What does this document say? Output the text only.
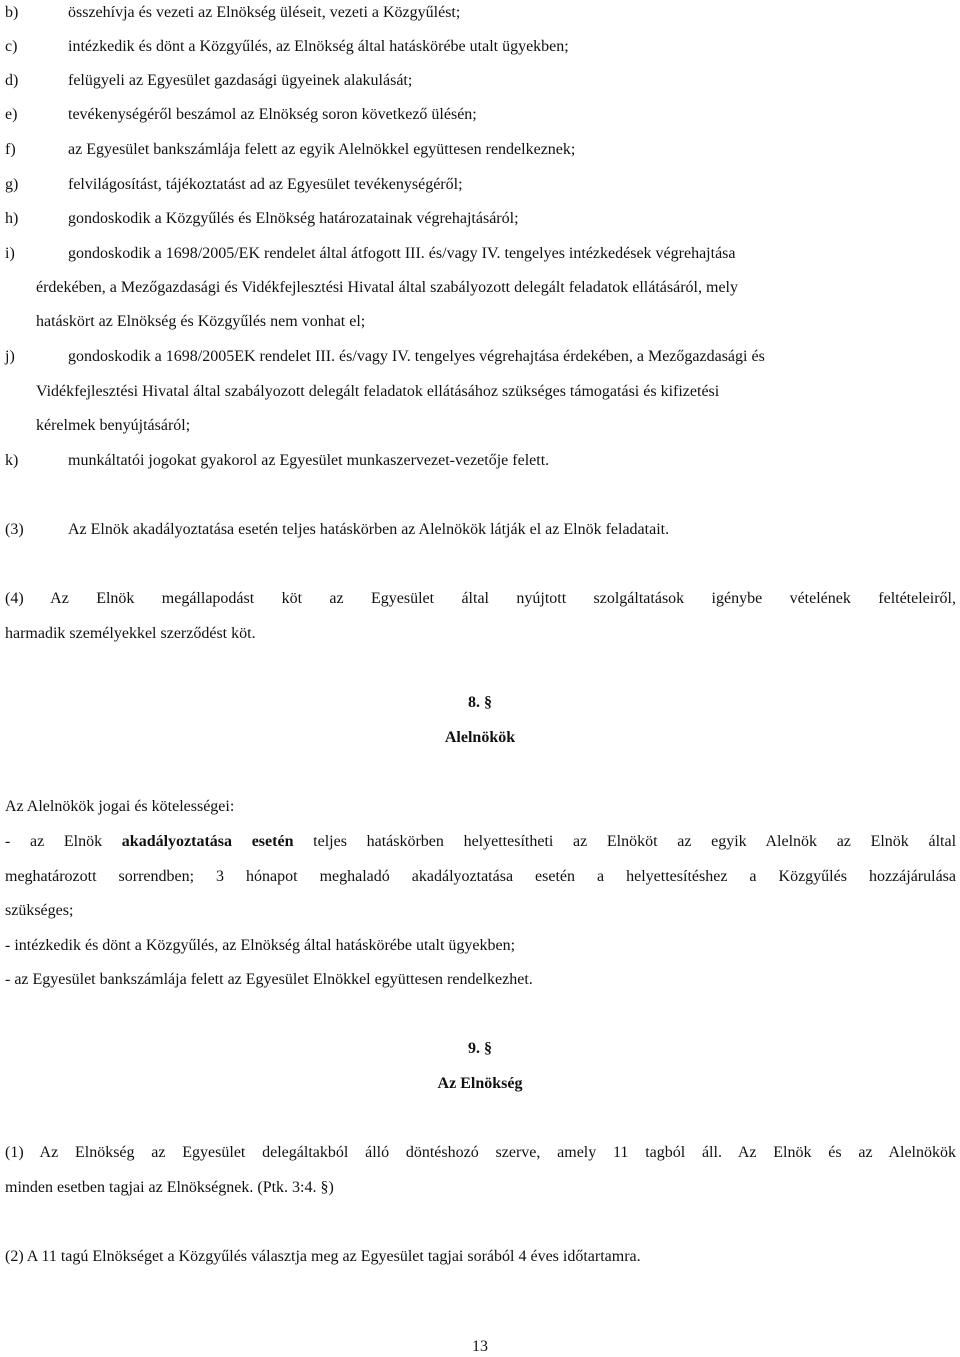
b)	összehívja és vezeti az Elnökség üléseit, vezeti a Közgyűlést;
c)	intézkedik és dönt a Közgyűlés, az Elnökség által hatáskörébe utalt ügyekben;
d)	felügyeli az Egyesület gazdasági ügyeinek alakulását;
e)	tevékenységéről beszámol az Elnökség soron következő ülésén;
f)	az Egyesület bankszámlája felett az egyik Alelnökkel együttesen rendelkeznek;
g)	felvilágosítást, tájékoztatást ad az Egyesület tevékenységéről;
h)	gondoskodik a Közgyűlés és Elnökség határozatainak végrehajtásáról;
i)	gondoskodik a 1698/2005/EK rendelet által átfogott III. és/vagy IV. tengelyes intézkedések végrehajtása
érdekében, a Mezőgazdasági és Vidékfejlesztési Hivatal által szabályozott delegált feladatok ellátásáról, mely
hatáskört az Elnökség és Közgyűlés nem vonhat el;
j)	gondoskodik a 1698/2005EK rendelet III. és/vagy IV. tengelyes végrehajtása érdekében, a Mezőgazdasági és
Vidékfejlesztési Hivatal által szabályozott delegált feladatok ellátásához szükséges támogatási és kifizetési
kérelmek benyújtásáról;
k)	munkáltatói jogokat gyakorol az Egyesület munkaszervezet-vezetője felett.
(3)	Az Elnök akadályoztatása esetén teljes hatáskörben az Alelnökök látják el az Elnök feladatait.
(4) Az Elnök megállapodást köt az Egyesület által nyújtott szolgáltatások igénybe vételének feltételeiről,
harmadik személyekkel szerződést köt.
8. §
Alelnökök
Az Alelnökök jogai és kötelességei:
- az Elnök akadályoztatása esetén teljes hatáskörben helyettesítheti az Elnököt az egyik Alelnök az Elnök által
meghatározott sorrendben; 3 hónapot meghaladó akadályoztatása esetén a helyettesítéshez a Közgyűlés hozzájárulása
szükséges;
- intézkedik és dönt a Közgyűlés, az Elnökség által hatáskörébe utalt ügyekben;
- az Egyesület bankszámlája felett az Egyesület Elnökkel együttesen rendelkezhet.
9. §
Az Elnökség
(1) Az Elnökség az Egyesület delegáltakból álló döntéshozó szerve, amely 11 tagból áll. Az Elnök és az Alelnökök
minden esetben tagjai az Elnökségnek. (Ptk. 3:4. §)
(2) A 11 tagú Elnökséget a Közgyűlés választja meg az Egyesület tagjai sorából 4 éves időtartamra.
13
